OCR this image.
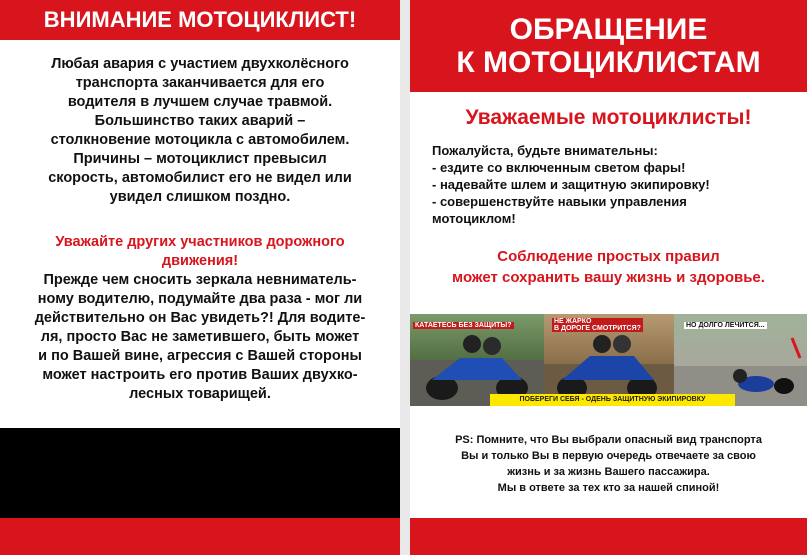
ВНИМАНИЕ МОТОЦИКЛИСТ!
Любая авария с участием двухколёсного
транспорта заканчивается для его
водителя в лучшем случае травмой.
Большинство таких аварий –
столкновение мотоцикла с автомобилем.
Причины – мотоциклист превысил
скорость, автомобилист его не видел или
увидел слишком поздно.
Уважайте других участников дорожного
движения!
Прежде чем сносить зеркала невниматель-
ному водителю, подумайте два раза - мог ли
действительно он Вас увидеть?! Для водите-
ля, просто Вас не заметившего, быть может
и по Вашей вине, агрессия с Вашей стороны
может настроить его против Ваших двухко-
лесных товарищей.
ОБРАЩЕНИЕ
К МОТОЦИКЛИСТАМ
Уважаемые мотоциклисты!
Пожалуйста, будьте внимательны:
- ездите со включенным светом фары!
- надевайте шлем и защитную экипировку!
- совершенствуйте навыки управления
мотоциклом!
Соблюдение простых правил
может сохранить вашу жизнь и здоровье.
КАТАЕТЕСЬ БЕЗ ЗАЩИТЫ?
НЕ ЖАРКО
В ДОРОГЕ СМОТРИТСЯ?	НО ДОЛГО ЛЕЧИТСЯ...
ПОБЕРЕГИ СЕБЯ - ОДЕНЬ ЗАЩИТНУЮ ЭКИПИРОВКУ
PS: Помните, что Вы выбрали опасный вид транспорта
Вы и только Вы в первую очередь отвечаете за свою
жизнь и за жизнь Вашего пассажира.
Мы в ответе за тех кто за нашей спиной!
